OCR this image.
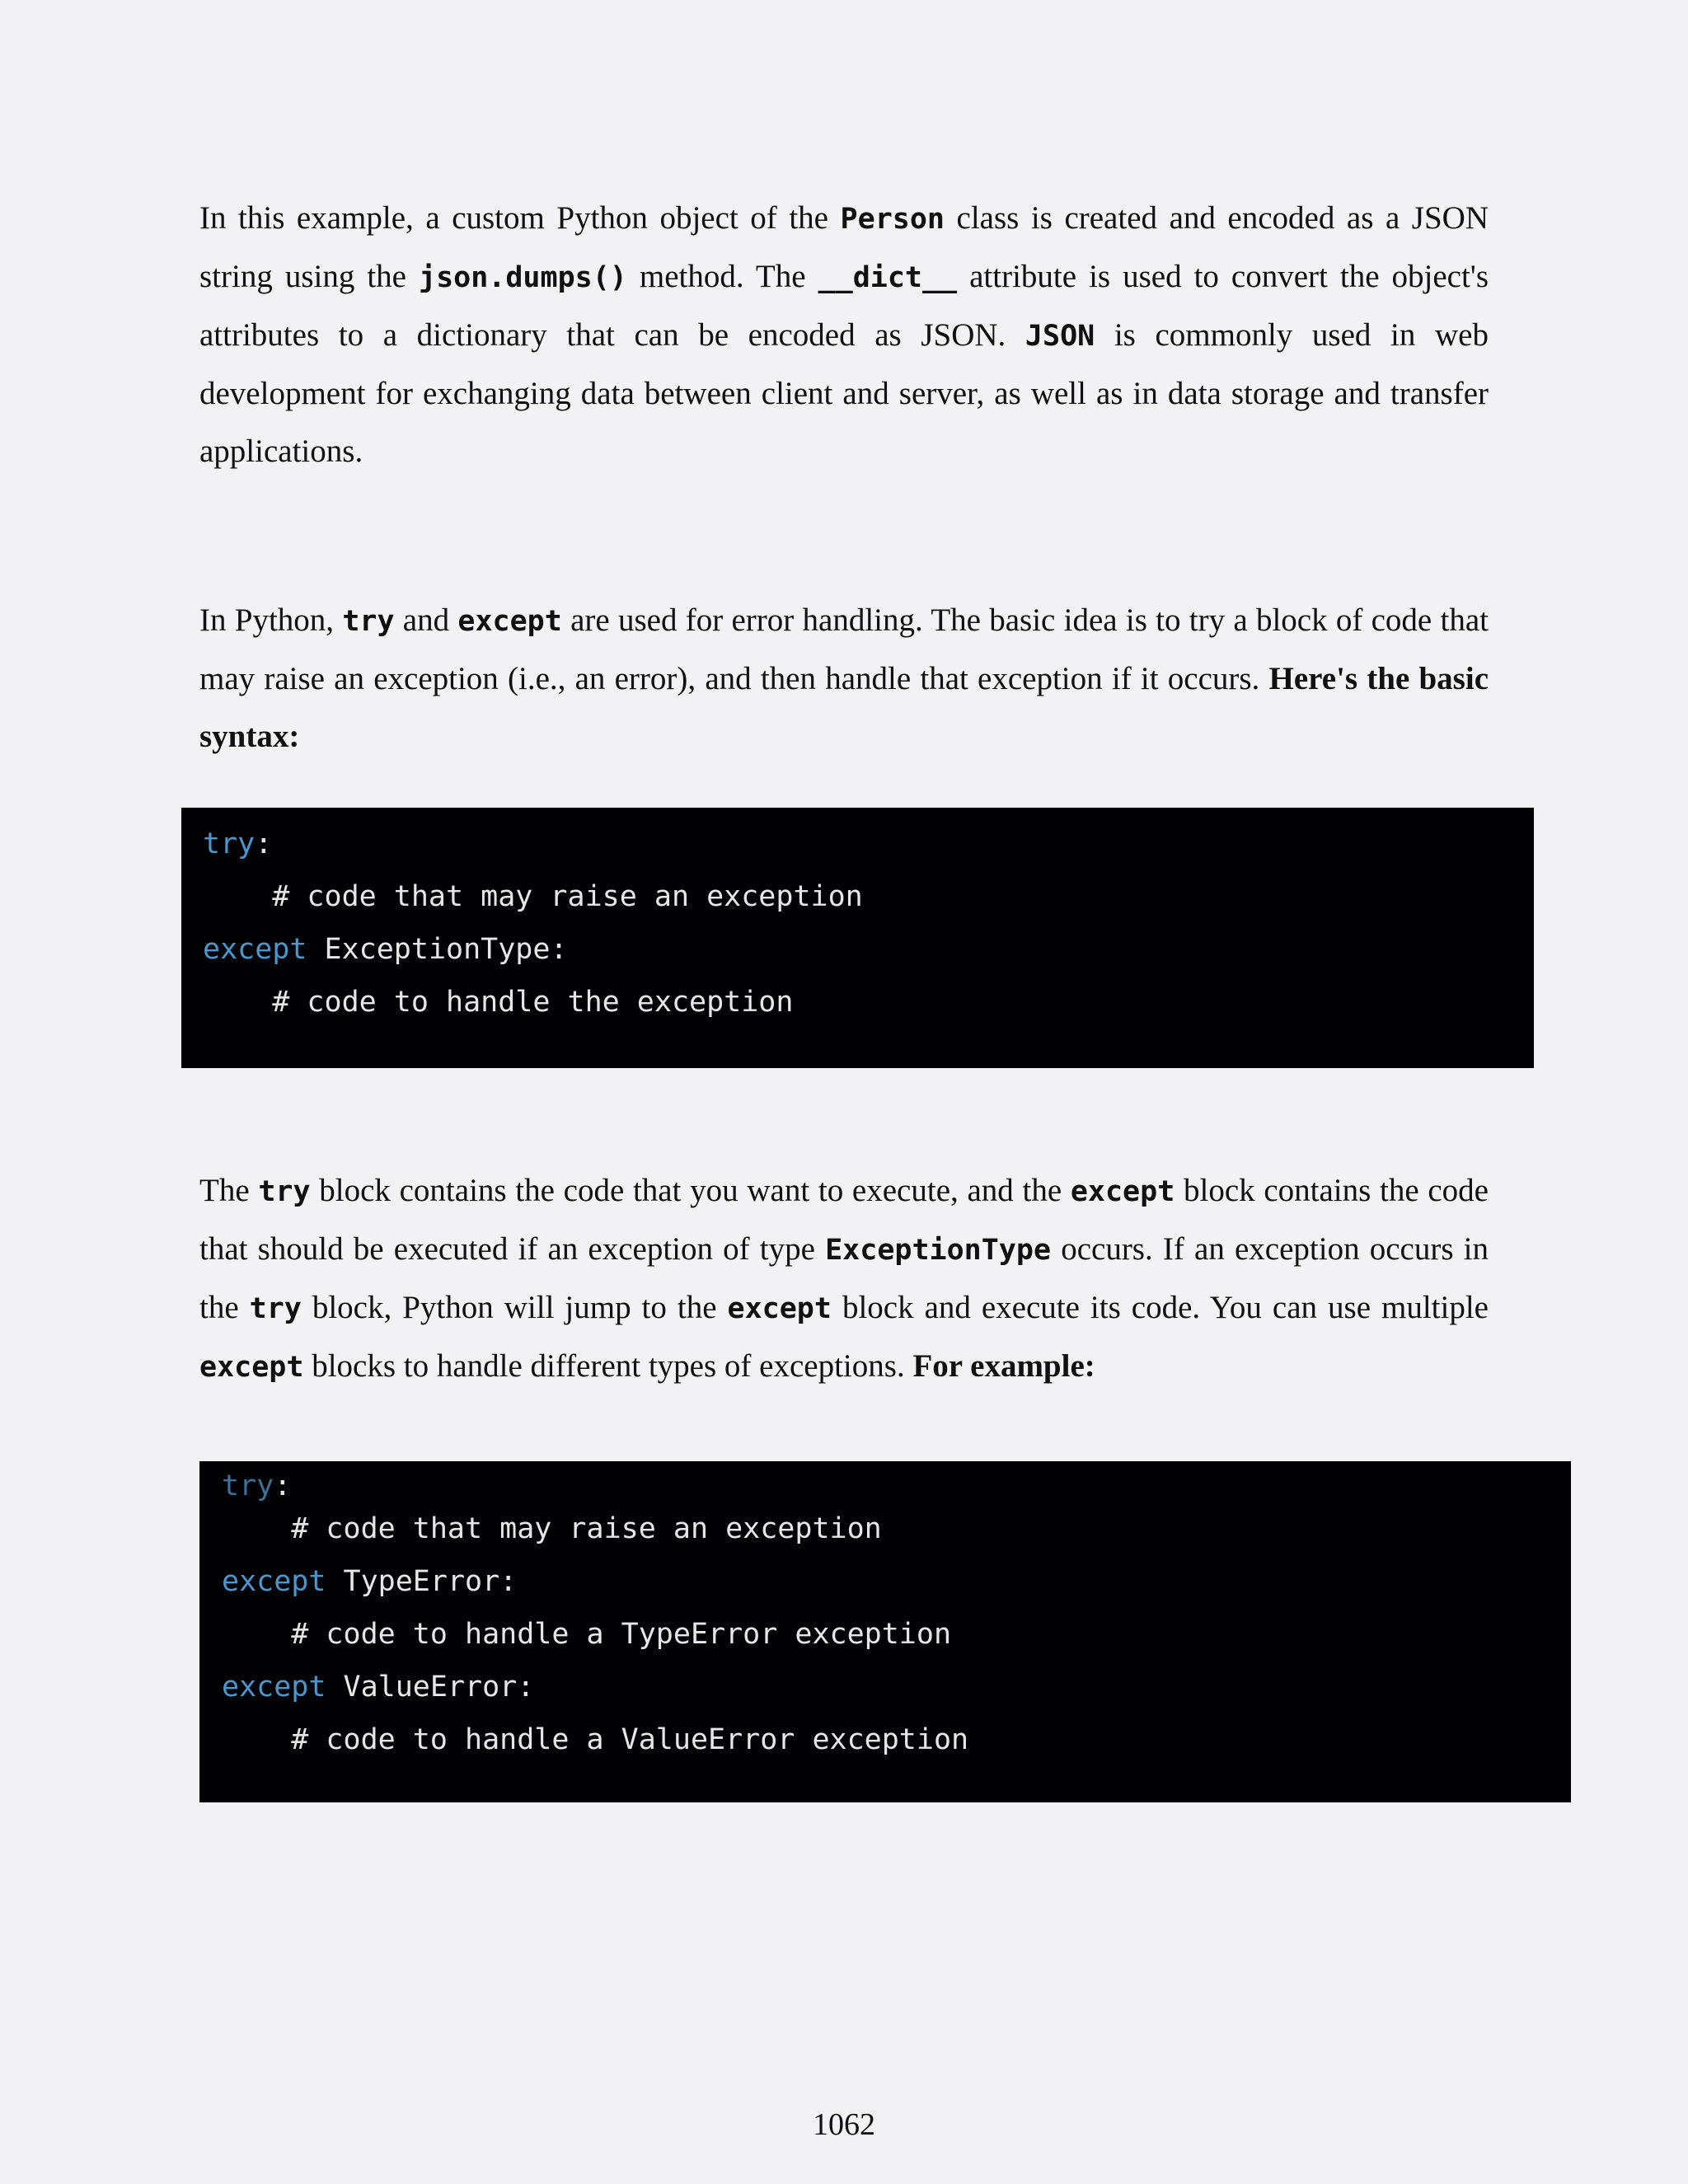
In this example, a custom Python object of the Person class is created and encoded as a JSON string using the json.dumps() method. The __dict__ attribute is used to convert the object's attributes to a dictionary that can be encoded as JSON. JSON is commonly used in web development for exchanging data between client and server, as well as in data storage and transfer applications.

In Python, try and except are used for error handling. The basic idea is to try a block of code that may raise an exception (i.e., an error), and then handle that exception if it occurs. Here's the basic syntax:

try:
# code that may raise an exception
except ExceptionType:
# code to handle the exception

The try block contains the code that you want to execute, and the except block contains the code that should be executed if an exception of type ExceptionType occurs. If an exception occurs in the try block, Python will jump to the except block and execute its code. You can use multiple except blocks to handle different types of exceptions. For example:

try:
# code that may raise an exception
except TypeError:
# code to handle a TypeError exception
except ValueError:
# code to handle a ValueError exception
1062
